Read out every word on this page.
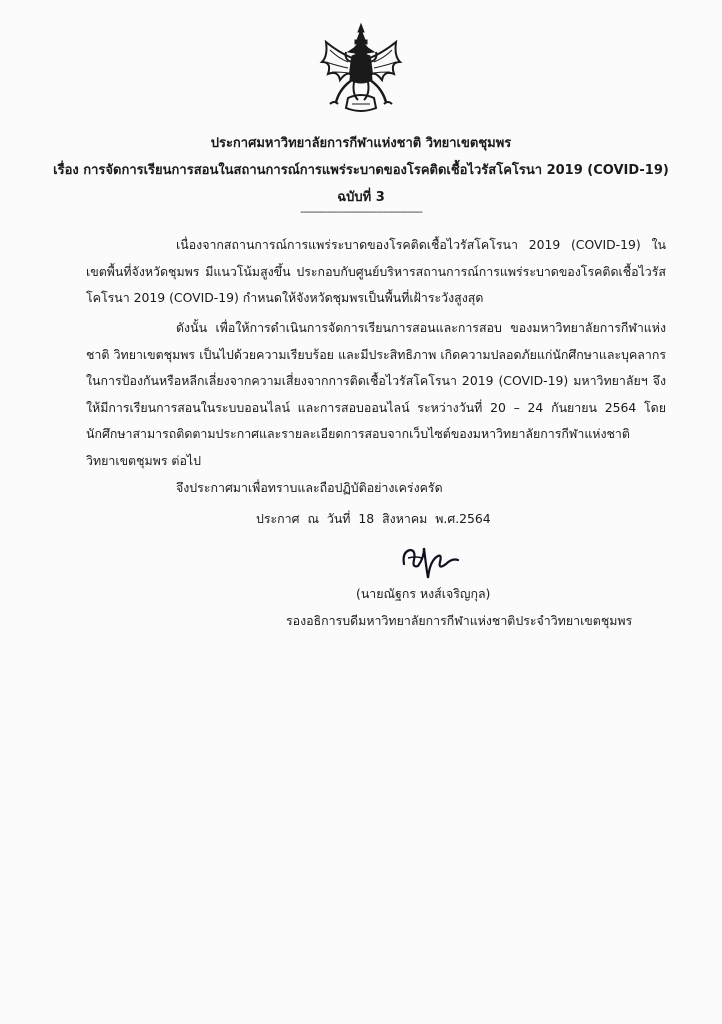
ประกาศมหาวิทยาลัยการกีฬาแห่งชาติ วิทยาเขตชุมพร
เรื่อง การจัดการเรียนการสอนในสถานการณ์การแพร่ระบาดของโรคติดเชื้อไวรัสโคโรนา 2019 (COVID-19)
ฉบับที่ 3
-----------------------------------------
เนื่องจากสถานการณ์การแพร่ระบาดของโรคติดเชื้อไวรัสโคโรนา 2019 (COVID-19) ในเขตพื้นที่จังหวัดชุมพร มีแนวโน้มสูงขึ้น ประกอบกับศูนย์บริหารสถานการณ์การแพร่ระบาดของโรคติดเชื้อไวรัสโคโรนา 2019 (COVID-19) กำหนดให้จังหวัดชุมพรเป็นพื้นที่เฝ้าระวังสูงสุด
ดังนั้น เพื่อให้การดำเนินการจัดการเรียนการสอนและการสอบ ของมหาวิทยาลัยการกีฬาแห่งชาติ วิทยาเขตชุมพร เป็นไปด้วยความเรียบร้อย และมีประสิทธิภาพ เกิดความปลอดภัยแก่นักศึกษาและบุคลากร ในการป้องกันหรือหลีกเลี่ยงจากความเสี่ยงจากการติดเชื้อไวรัสโคโรนา 2019 (COVID-19) มหาวิทยาลัยฯ จึงให้มีการเรียนการสอนในระบบออนไลน์ และการสอบออนไลน์ ระหว่างวันที่ 20 – 24 กันยายน 2564 โดยนักศึกษาสามารถติดตามประกาศและรายละเอียดการสอบจากเว็บไซต์ของมหาวิทยาลัยการกีฬาแห่งชาติ วิทยาเขตชุมพร ต่อไป
จึงประกาศมาเพื่อทราบและถือปฏิบัติอย่างเคร่งครัด
ประกาศ ณ วันที่ 18 สิงหาคม พ.ศ.2564
(นายณัฐกร หงส์เจริญกุล)
รองอธิการบดีมหาวิทยาลัยการกีฬาแห่งชาติประจำวิทยาเขตชุมพร
